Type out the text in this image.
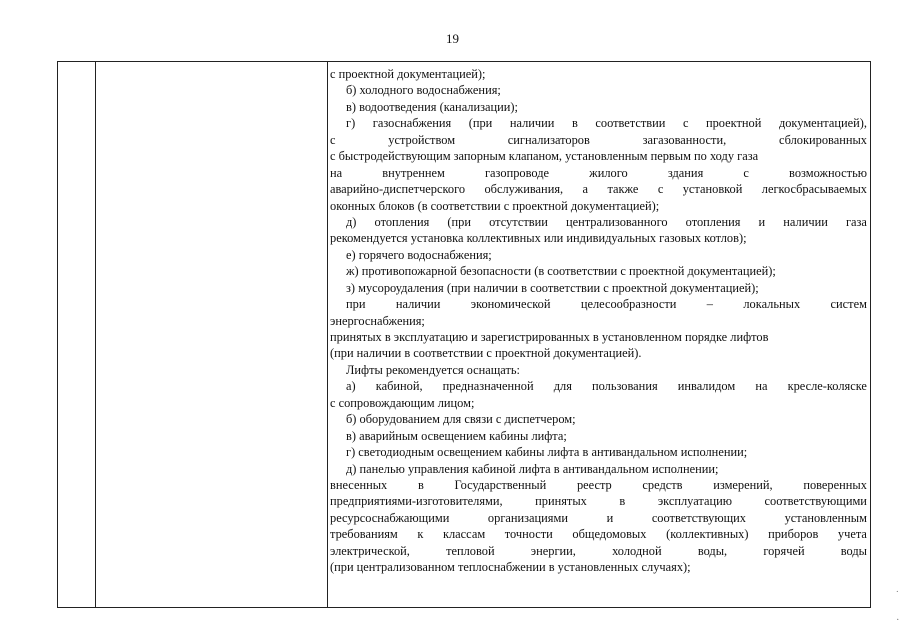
19
с проектной документацией);
б) холодного водоснабжения;
в) водоотведения (канализации);
г) газоснабжения (при наличии в соответствии с проектной документацией),
с	устройством	сигнализаторов	загазованности,	сблокированных
с быстродействующим запорным клапаном, установленным первым по ходу газа
на	внутреннем	газопроводе	жилого	здания	с	возможностью
аварийно-диспетчерского обслуживания, а также с установкой легкосбрасываемых
оконных блоков (в соответствии с проектной документацией);
д) отопления (при отсутствии централизованного отопления и наличии газа
рекомендуется установка коллективных или индивидуальных газовых котлов);
е) горячего водоснабжения;
ж) противопожарной безопасности (в соответствии с проектной документацией);
з) мусороудаления (при наличии в соответствии с проектной документацией);
при наличии экономической целесообразности – локальных систем
энергоснабжения;
принятых в эксплуатацию и зарегистрированных в установленном порядке лифтов
(при наличии в соответствии с проектной документацией).
Лифты рекомендуется оснащать:
а) кабиной, предназначенной для пользования инвалидом на кресле-коляске
с сопровождающим лицом;
б) оборудованием для связи с диспетчером;
в) аварийным освещением кабины лифта;
г) светодиодным освещением кабины лифта в антивандальном исполнении;
д) панелью управления кабиной лифта в антивандальном исполнении;
внесенных в Государственный реестр средств измерений, поверенных
предприятиями-изготовителями,	принятых	в	эксплуатацию	соответствующими
ресурсоснабжающими	организациями	и	соответствующих	установленным
требованиям к классам точности общедомовых (коллективных) приборов учета
электрической,	тепловой	энергии,	холодной	воды,	горячей	воды
(при централизованном теплоснабжении в установленных случаях);
˙
.
